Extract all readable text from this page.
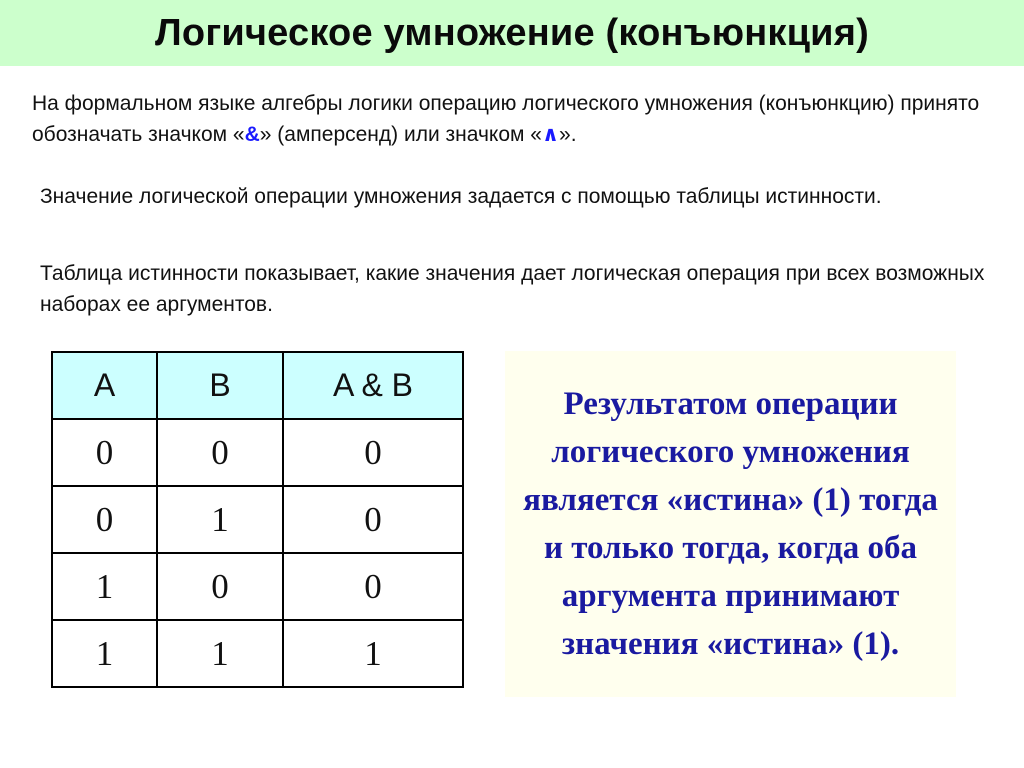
Логическое умножение (конъюнкция)
На формальном языке алгебры логики операцию логического умножения (конъюнкцию) принято обозначать значком «&» (амперсенд) или значком «∧».
Значение логической операции умножения задается с помощью таблицы истинности.
Таблица истинности показывает, какие значения дает логическая операция при всех возможных наборах ее аргументов.
A	B	A & B
0	0	0
0	1	0
1	0	0
1	1	1
Результатом операции логического умножения является «истина» (1) тогда и только тогда, когда оба аргумента принимают значения «истина» (1).
